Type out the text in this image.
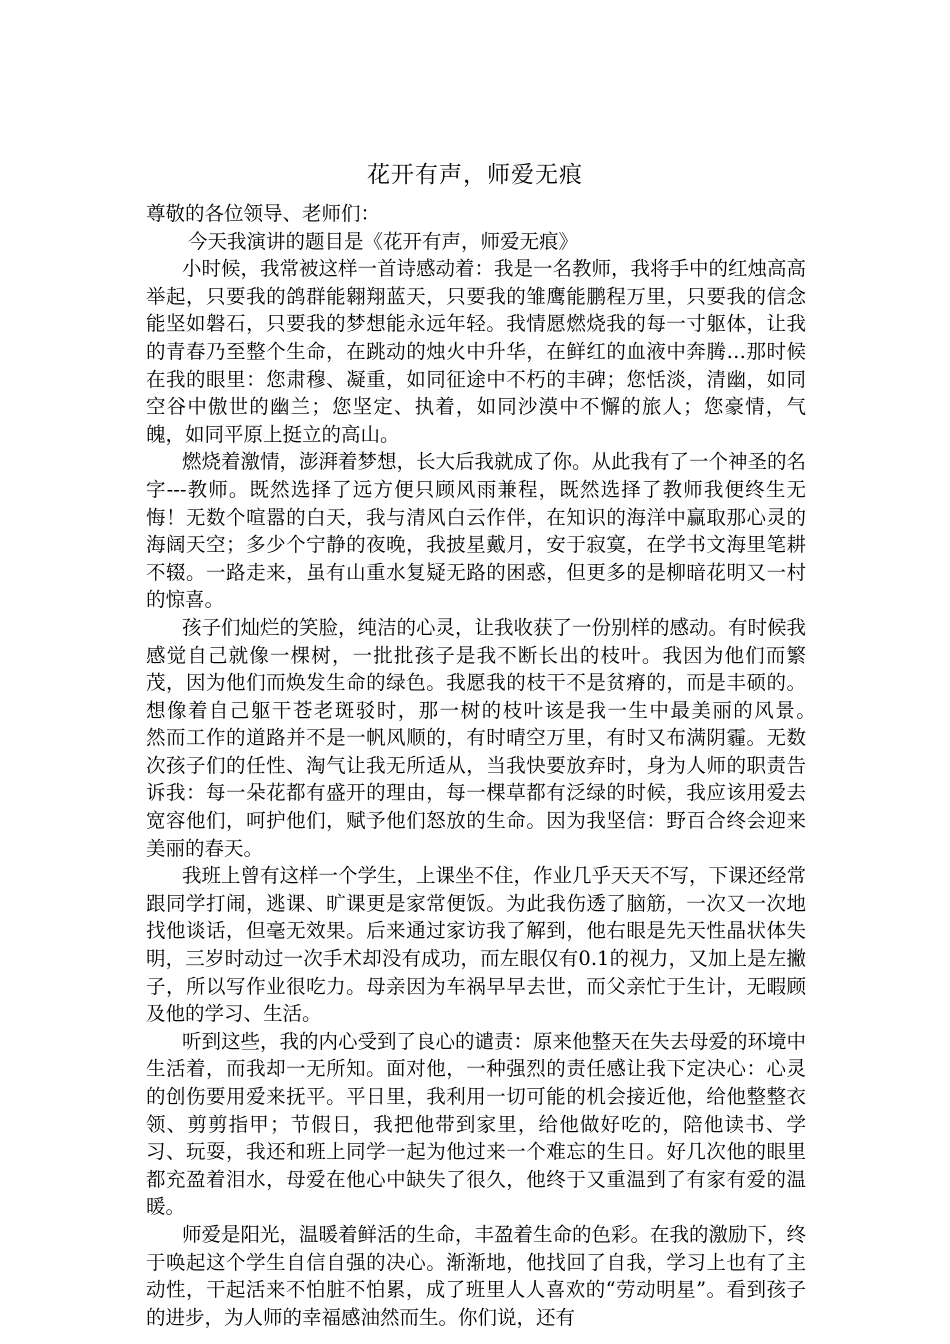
花开有声，师爱无痕

尊敬的各位领导、老师们：

今天我演讲的题目是《花开有声，师爱无痕》

小时候，我常被这样一首诗感动着：我是一名教师，我将手中的红烛高高举起，只要我的鸽群能翱翔蓝天，只要我的雏鹰能鹏程万里，只要我的信念能坚如磐石，只要我的梦想能永远年轻。我情愿燃烧我的每一寸躯体，让我的青春乃至整个生命，在跳动的烛火中升华，在鲜红的血液中奔腾…那时候在我的眼里：您肃穆、凝重，如同征途中不朽的丰碑；您恬淡，清幽，如同空谷中傲世的幽兰；您坚定、执着，如同沙漠中不懈的旅人；您豪情，气魄，如同平原上挺立的高山。

燃烧着激情，澎湃着梦想，长大后我就成了你。从此我有了一个神圣的名字---教师。既然选择了远方便只顾风雨兼程，既然选择了教师我便终生无悔！无数个喧嚣的白天，我与清风白云作伴，在知识的海洋中赢取那心灵的海阔天空；多少个宁静的夜晚，我披星戴月，安于寂寞，在学书文海里笔耕不辍。一路走来，虽有山重水复疑无路的困惑，但更多的是柳暗花明又一村的惊喜。

孩子们灿烂的笑脸，纯洁的心灵，让我收获了一份别样的感动。有时候我感觉自己就像一棵树，一批批孩子是我不断长出的枝叶。我因为他们而繁茂，因为他们而焕发生命的绿色。我愿我的枝干不是贫瘠的，而是丰硕的。想像着自己躯干苍老斑驳时，那一树的枝叶该是我一生中最美丽的风景。　　然而工作的道路并不是一帆风顺的，有时晴空万里，有时又布满阴霾。无数次孩子们的任性、淘气让我无所适从，当我快要放弃时，身为人师的职责告诉我：每一朵花都有盛开的理由，每一棵草都有泛绿的时候，我应该用爱去宽容他们，呵护他们，赋予他们怒放的生命。因为我坚信：野百合终会迎来美丽的春天。

我班上曾有这样一个学生，上课坐不住，作业几乎天天不写，下课还经常跟同学打闹，逃课、旷课更是家常便饭。为此我伤透了脑筋，一次又一次地找他谈话，但毫无效果。后来通过家访我了解到，他右眼是先天性晶状体失明，三岁时动过一次手术却没有成功，而左眼仅有0.1的视力，又加上是左撇子，所以写作业很吃力。母亲因为车祸早早去世，而父亲忙于生计，无暇顾及他的学习、生活。

听到这些，我的内心受到了良心的谴责：原来他整天在失去母爱的环境中生活着，而我却一无所知。面对他，一种强烈的责任感让我下定决心：心灵的创伤要用爱来抚平。平日里，我利用一切可能的机会接近他，给他整整衣领、剪剪指甲；节假日，我把他带到家里，给他做好吃的，陪他读书、学习、玩耍，我还和班上同学一起为他过来一个难忘的生日。好几次他的眼里都充盈着泪水，母爱在他心中缺失了很久，他终于又重温到了有家有爱的温暖。

师爱是阳光，温暖着鲜活的生命，丰盈着生命的色彩。在我的激励下，终于唤起这个学生自信自强的决心。渐渐地，他找回了自我，学习上也有了主动性，干起活来不怕脏不怕累，成了班里人人喜欢的“劳动明星”。看到孩子的进步，为人师的幸福感油然而生。你们说，还有
